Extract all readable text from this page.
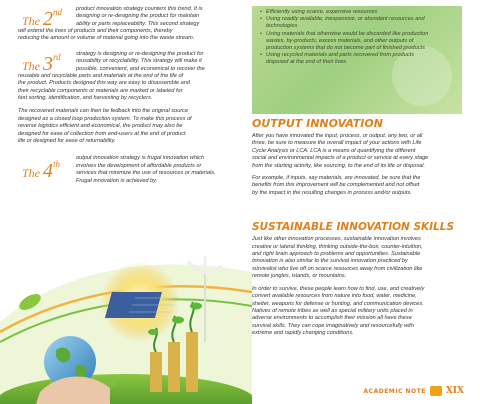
The 2nd	product innovation strategy counters this trend. It is
designing or re-designing the product for maintain
ability or parts replaceability. This second strategy

will extend the lives of products and their components, thereby

reducing the amount or volume of material going into the waste stream.

The 3rd	strategy is designing or re-designing the product for
reusability or recyclability. This strategy will make it
possible, convenient, and economical to recover the

reusable and recyclable parts and materials at the end of the life of

the product. Products designed this way are easy to disassemble and

their recyclable components or materials are marked or labeled for

fast sorting, identification, and harvesting by recyclers.

The recovered materials can then be fedback into the original source

designed as a closed loop production system. To make this process of

reverse logistics efficient and economical, the product may also be

designed for ease of collection from end-users at the end of product

life or designed for ease of returnability.

The 4th
output innovation strategy is frugal innovation which
involves the development of affordable products or
services that minimize the use of resources or materials.
Frugal innovation is achieved by:
• Efficiently using scarce, expensive resources
• Using readily available, inexpensive, or abundant resources and
technologies
• Using materials that otherwise would be discarded like production
wastes, by-products, excess materials, and other outputs of
production systems that do not become part of finished products
• Using recycled materials and parts recovered from products
disposed at the end of their lives
OUTPUT INNOVATION

After you have innovated the input, process, or output, any two, or all

three, be sure to measure the overall impact of your actions with Life

Cycle Analysis or LCA. LCA is a means of quantifying the different

social and environmental impacts of a product or service at every stage

from the starting activity, like sourcing, to the end of its life or disposal.

For example, if inputs, say materials, are innovated, be sure that the

benefits from this improvement will be complemented and not offset

by the impact in the resulting changes in process and/or outputs.

SUSTAINABLE INNOVATION SKILLS

Just like other innovation processes, sustainable innovation involves

creative or lateral thinking, thinking outside-the-box, counter-intuition,

and right brain approach to problems and opportunities. Sustainable

Innovation is also similar to the survival innovation practiced by

survivalist who live off on scarce resources away from civilization like

remote jungles, islands, or mountains.

In order to survive, these people learn how to find, use, and creatively

convert available resources from nature into food, water, medicine,

shelter, weapons for defense or hunting, and communication devices.

Natives of remote tribes as well as special military units placed in

adverse environments to accomplish their mission all have these

survival skills. They can cope imaginatively and resourcefully with

extreme and rapidly changing conditions.

ACADEMIC NOTE XIX
